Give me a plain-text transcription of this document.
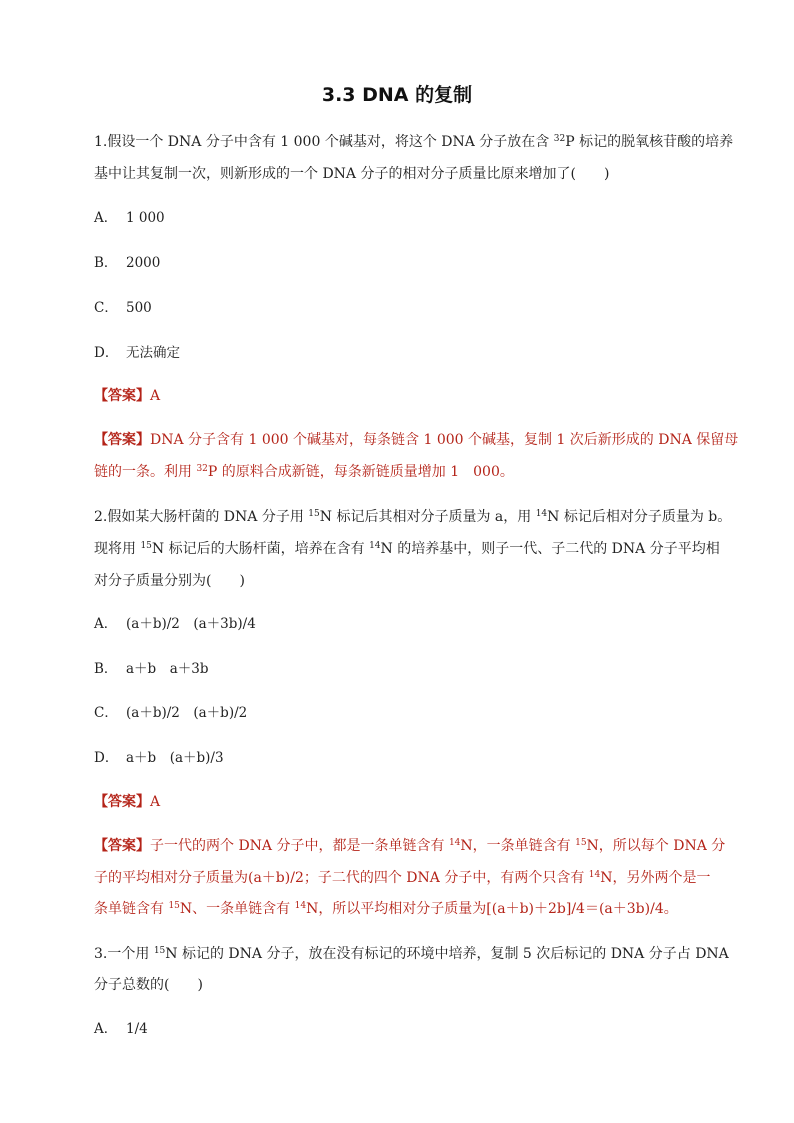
3.3 DNA 的复制
1.假设一个 DNA 分子中含有 1 000 个碱基对，将这个 DNA 分子放在含 $^{32}$P 标记的脱氧核苷酸的培养
基中让其复制一次，则新形成的一个 DNA 分子的相对分子质量比原来增加了(　　)
A． 1 000
B． 2000
C． 500
D． 无法确定
【答案】A
【答案】DNA 分子含有 1 000 个碱基对，每条链含 1 000 个碱基，复制 1 次后新形成的 DNA 保留母
链的一条。利用 $^{32}$P 的原料合成新链，每条新链质量增加 1　000。
2.假如某大肠杆菌的 DNA 分子用 $^{15}$N 标记后其相对分子质量为 a，用 $^{14}$N 标记后相对分子质量为 b。
现将用 $^{15}$N 标记后的大肠杆菌，培养在含有 $^{14}$N 的培养基中，则子一代、子二代的 DNA 分子平均相
对分子质量分别为(　　)
A． (a＋b)/2　(a＋3b)/4
B． a＋b　a＋3b
C． (a＋b)/2　(a＋b)/2
D． a＋b　(a＋b)/3
【答案】A
【答案】子一代的两个 DNA 分子中，都是一条单链含有 $^{14}$N，一条单链含有 $^{15}$N，所以每个 DNA 分
子的平均相对分子质量为(a＋b)/2；子二代的四个 DNA 分子中，有两个只含有 $^{14}$N，另外两个是一
条单链含有 $^{15}$N、一条单链含有 $^{14}$N，所以平均相对分子质量为[(a＋b)＋2b]/4＝(a＋3b)/4。
3.一个用 $^{15}$N 标记的 DNA 分子，放在没有标记的环境中培养，复制 5 次后标记的 DNA 分子占 DNA
分子总数的(　　)
A． 1/4
